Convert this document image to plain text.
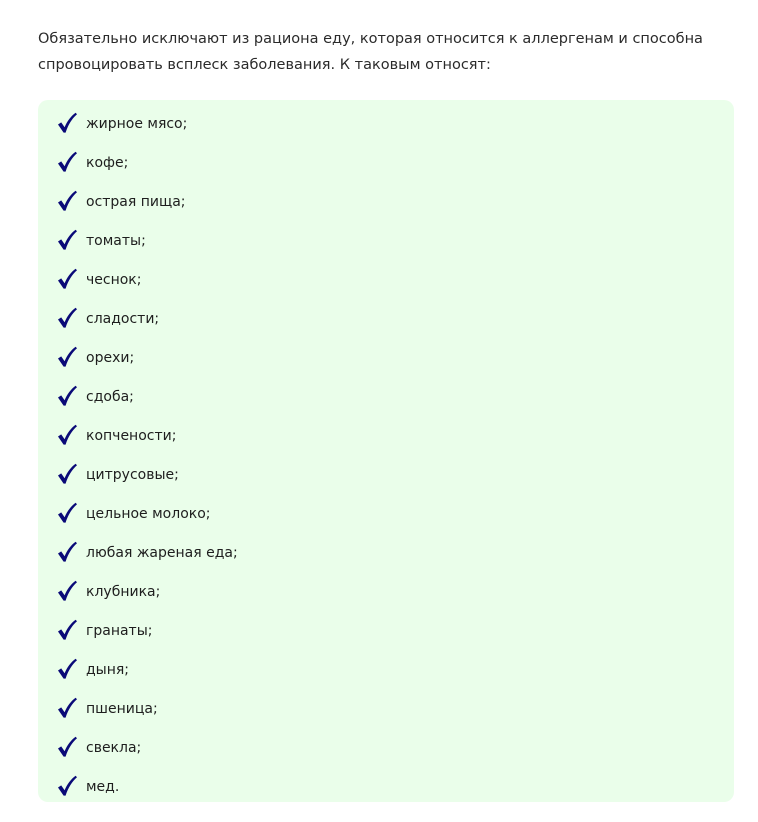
Обязательно исключают из рациона еду, которая относится к аллергенам и способна спровоцировать всплеск заболевания. К таковым относят:

жирное мясо;
кофе;
острая пища;
томаты;
чеснок;
сладости;
орехи;
сдоба;
копчености;
цитрусовые;
цельное молоко;
любая жареная еда;
клубника;
гранаты;
дыня;
пшеница;
свекла;
мед.
